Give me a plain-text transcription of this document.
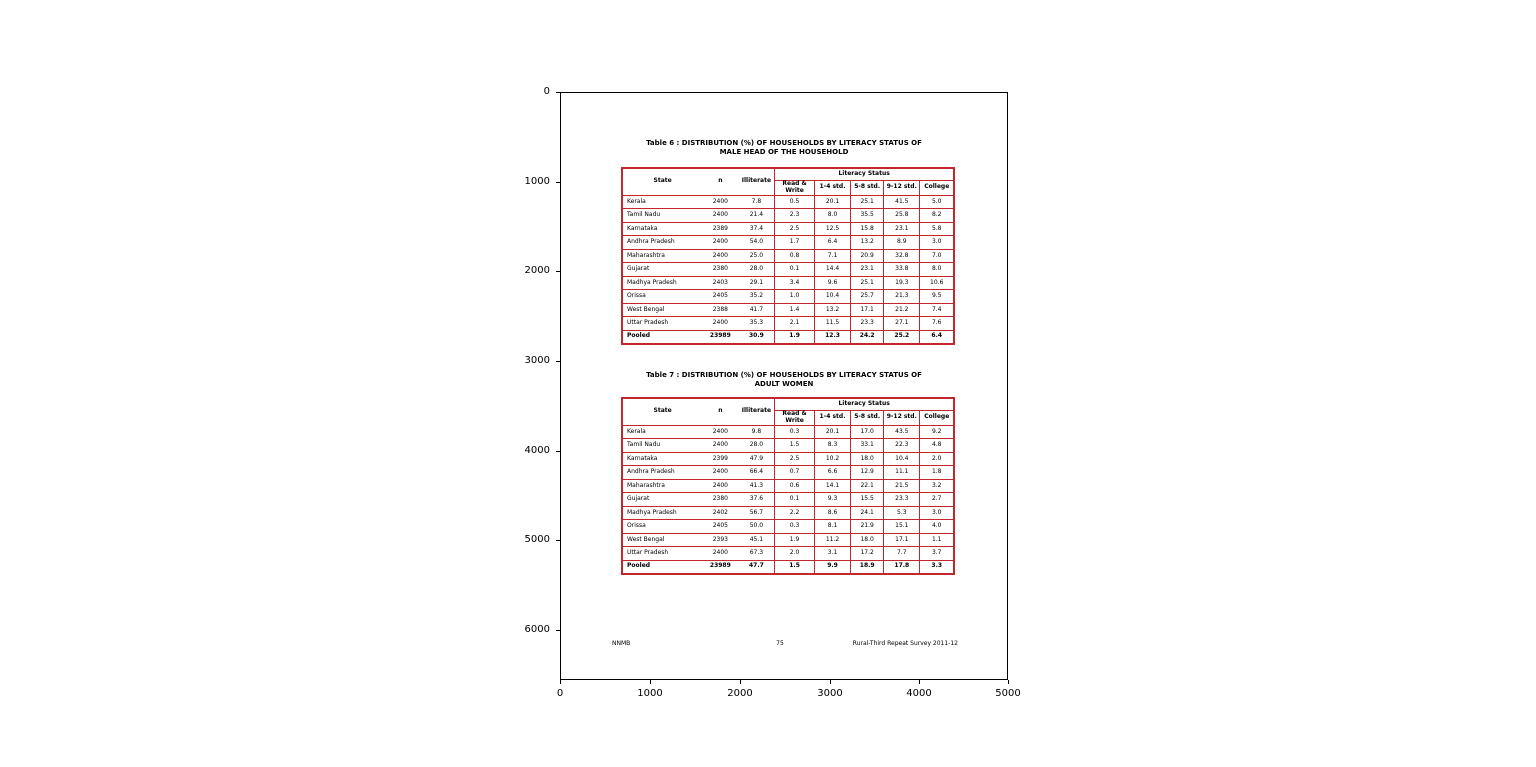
Table 6 : DISTRIBUTION (%) OF HOUSEHOLDS BY LITERACY STATUS OF
MALE HEAD OF THE HOUSEHOLD
State	n	Illiterate	Literacy Status				
			Read & Write	1-4 std.	5-8 std.	9-12 std.	College
Kerala	2400	7.8	0.5	20.1	25.1	41.5	5.0
Tamil Nadu	2400	21.4	2.3	8.0	35.5	25.8	8.2
Karnataka	2389	37.4	2.5	12.5	15.8	23.1	5.8
Andhra Pradesh	2400	54.0	1.7	6.4	13.2	8.9	3.0
Maharashtra	2400	25.0	0.8	7.1	20.9	32.8	7.0
Gujarat	2380	28.0	0.1	14.4	23.1	33.8	8.0
Madhya Pradesh	2403	29.1	3.4	9.6	25.1	19.3	10.6
Orissa	2405	35.2	1.0	10.4	25.7	21.3	9.5
West Bengal	2388	41.7	1.4	13.2	17.1	21.2	7.4
Uttar Pradesh	2400	35.3	2.1	11.5	23.3	27.1	7.6
Pooled	23989	30.9	1.9	12.3	24.2	25.2	6.4
Table 7 : DISTRIBUTION (%) OF HOUSEHOLDS BY LITERACY STATUS OF
ADULT WOMEN
State	n	Illiterate	Literacy Status				
			Read & Write	1-4 std.	5-8 std.	9-12 std.	College
Kerala	2400	9.8	0.3	20.1	17.0	43.5	9.2
Tamil Nadu	2400	28.0	1.5	8.3	33.1	22.3	4.8
Karnataka	2399	47.9	2.5	10.2	18.0	10.4	2.0
Andhra Pradesh	2400	66.4	0.7	6.6	12.9	11.1	1.8
Maharashtra	2400	41.3	0.6	14.1	22.1	21.5	3.2
Gujarat	2380	37.6	0.1	9.3	15.5	23.3	2.7
Madhya Pradesh	2402	56.7	2.2	8.6	24.1	5.3	3.0
Orissa	2405	50.0	0.3	8.1	21.9	15.1	4.0
West Bengal	2393	45.1	1.9	11.2	18.0	17.1	1.1
Uttar Pradesh	2400	67.3	2.0	3.1	17.2	7.7	3.7
Pooled	23989	47.7	1.5	9.9	18.9	17.8	3.3
NNMB	75	Rural-Third Repeat Survey 2011-12
0
1000
2000
3000
4000
5000
6000
0	1000	2000	3000	4000	5000
